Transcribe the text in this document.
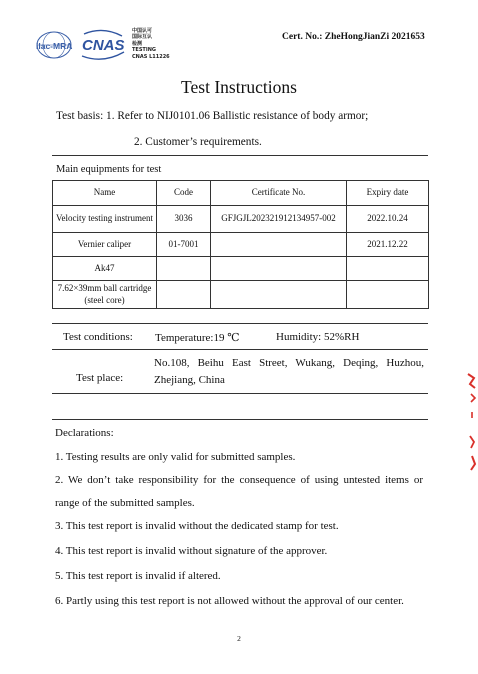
ilac-MRA CNAS
中国认可
国际互认
检测
TESTING
CNAS L11226
Cert. No.: ZheHongJianZi 2021653
Test Instructions
Test basis: 1. Refer to NIJ0101.06 Ballistic resistance of body armor;
2. Customer’s requirements.
Main equipments for test
Name	Code	Certificate No.	Expiry date
Velocity testing instrument	3036	GFJGJL202321912134957-002	2022.10.24
Vernier caliper	01-7001		2021.12.22
Ak47			
7.62×39mm ball cartridge (steel core)			
Test conditions: Temperature:19 ℃	Humidity: 52%RH
Test place:
No.108, Beihu East Street, Wukang, Deqing, Huzhou, Zhejiang, China
Declarations:
1. Testing results are only valid for submitted samples.
2. We don’t take responsibility for the consequence of using untested items or range of the submitted samples.
3. This test report is invalid without the dedicated stamp for test.
4. This test report is invalid without signature of the approver.
5. This test report is invalid if altered.
6. Partly using this test report is not allowed without the approval of our center.
2
